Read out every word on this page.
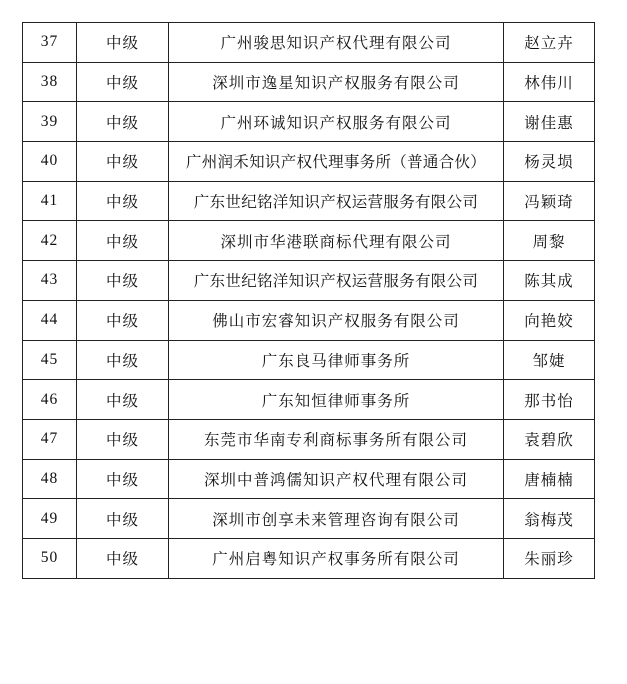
37	中级	广州骏思知识产权代理有限公司	赵立卉
38	中级	深圳市逸星知识产权服务有限公司	林伟川
39	中级	广州环诚知识产权服务有限公司	谢佳惠
40	中级	广州润禾知识产权代理事务所（普通合伙）	杨灵埙
41	中级	广东世纪铭洋知识产权运营服务有限公司	冯颖琦
42	中级	深圳市华港联商标代理有限公司	周黎
43	中级	广东世纪铭洋知识产权运营服务有限公司	陈其成
44	中级	佛山市宏睿知识产权服务有限公司	向艳姣
45	中级	广东良马律师事务所	邹婕
46	中级	广东知恒律师事务所	那书怡
47	中级	东莞市华南专利商标事务所有限公司	袁碧欣
48	中级	深圳中普鸿儒知识产权代理有限公司	唐楠楠
49	中级	深圳市创享未来管理咨询有限公司	翁梅茂
50	中级	广州启粤知识产权事务所有限公司	朱丽珍
